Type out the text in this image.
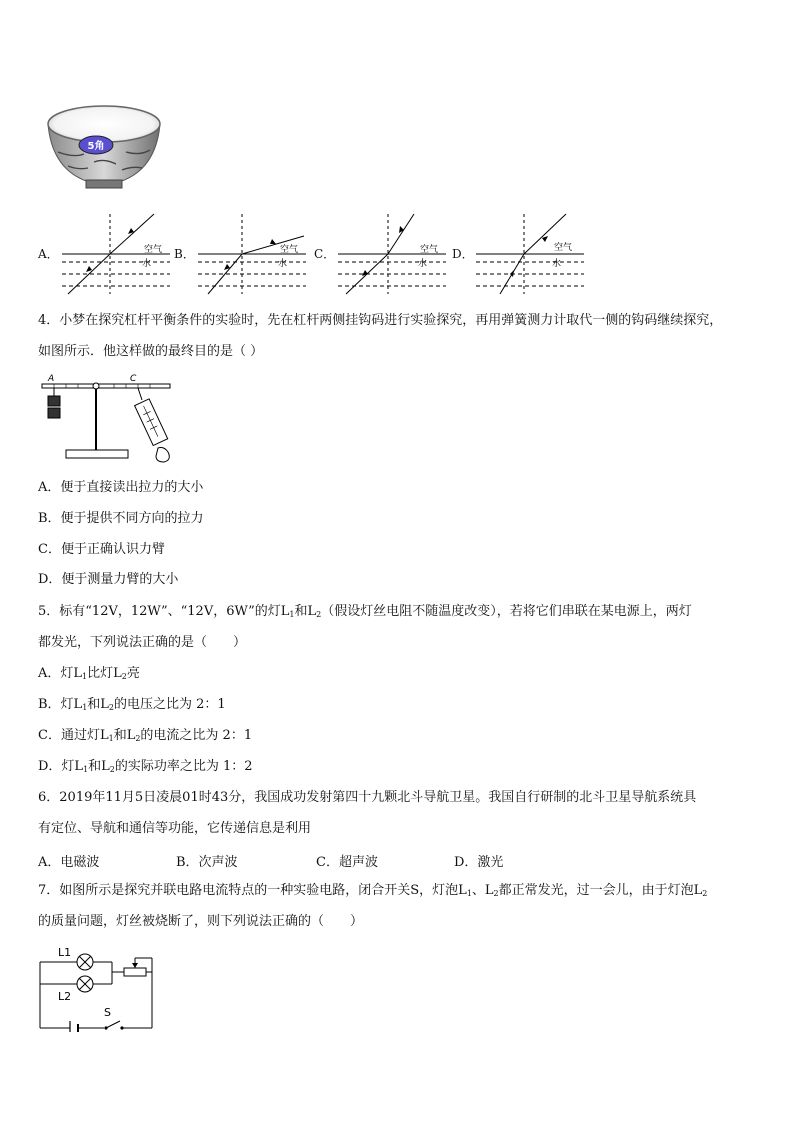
5角
A．	空气
水
B．	空气
水
C．	空气
水
D．	空气
水
4．小梦在探究杠杆平衡条件的实验时，先在杠杆两侧挂钩码进行实验探究，再用弹簧测力计取代一侧的钩码继续探究，
如图所示．他这样做的最终目的是（ ）
A	C
A．便于直接读出拉力的大小
B．便于提供不同方向的拉力
C．便于正确认识力臂
D．便于测量力臂的大小
5．标有“12V，12W”、“12V，6W”的灯$L_1$和$L_2$（假设灯丝电阻不随温度改变），若将它们串联在某电源上，两灯
都发光，下列说法正确的是（　　）
A．灯$L_1$比灯$L_2$亮
B．灯$L_1$和$L_2$的电压之比为 2：1
C．通过灯$L_1$和$L_2$的电流之比为 2：1
D．灯$L_1$和$L_2$的实际功率之比为 1：2
6．2019年11月5日凌晨01时43分，我国成功发射第四十九颗北斗导航卫星。我国自行研制的北斗卫星导航系统具
有定位、导航和通信等功能，它传递信息是利用
A．电磁波	B．次声波	C．超声波	D．激光
7．如图所示是探究并联电路电流特点的一种实验电路，闭合开关S，灯泡$L_1$、$L_2$都正常发光，过一会儿，由于灯泡$L_2$
的质量问题，灯丝被烧断了，则下列说法正确的（　　）
S
L1
L2
